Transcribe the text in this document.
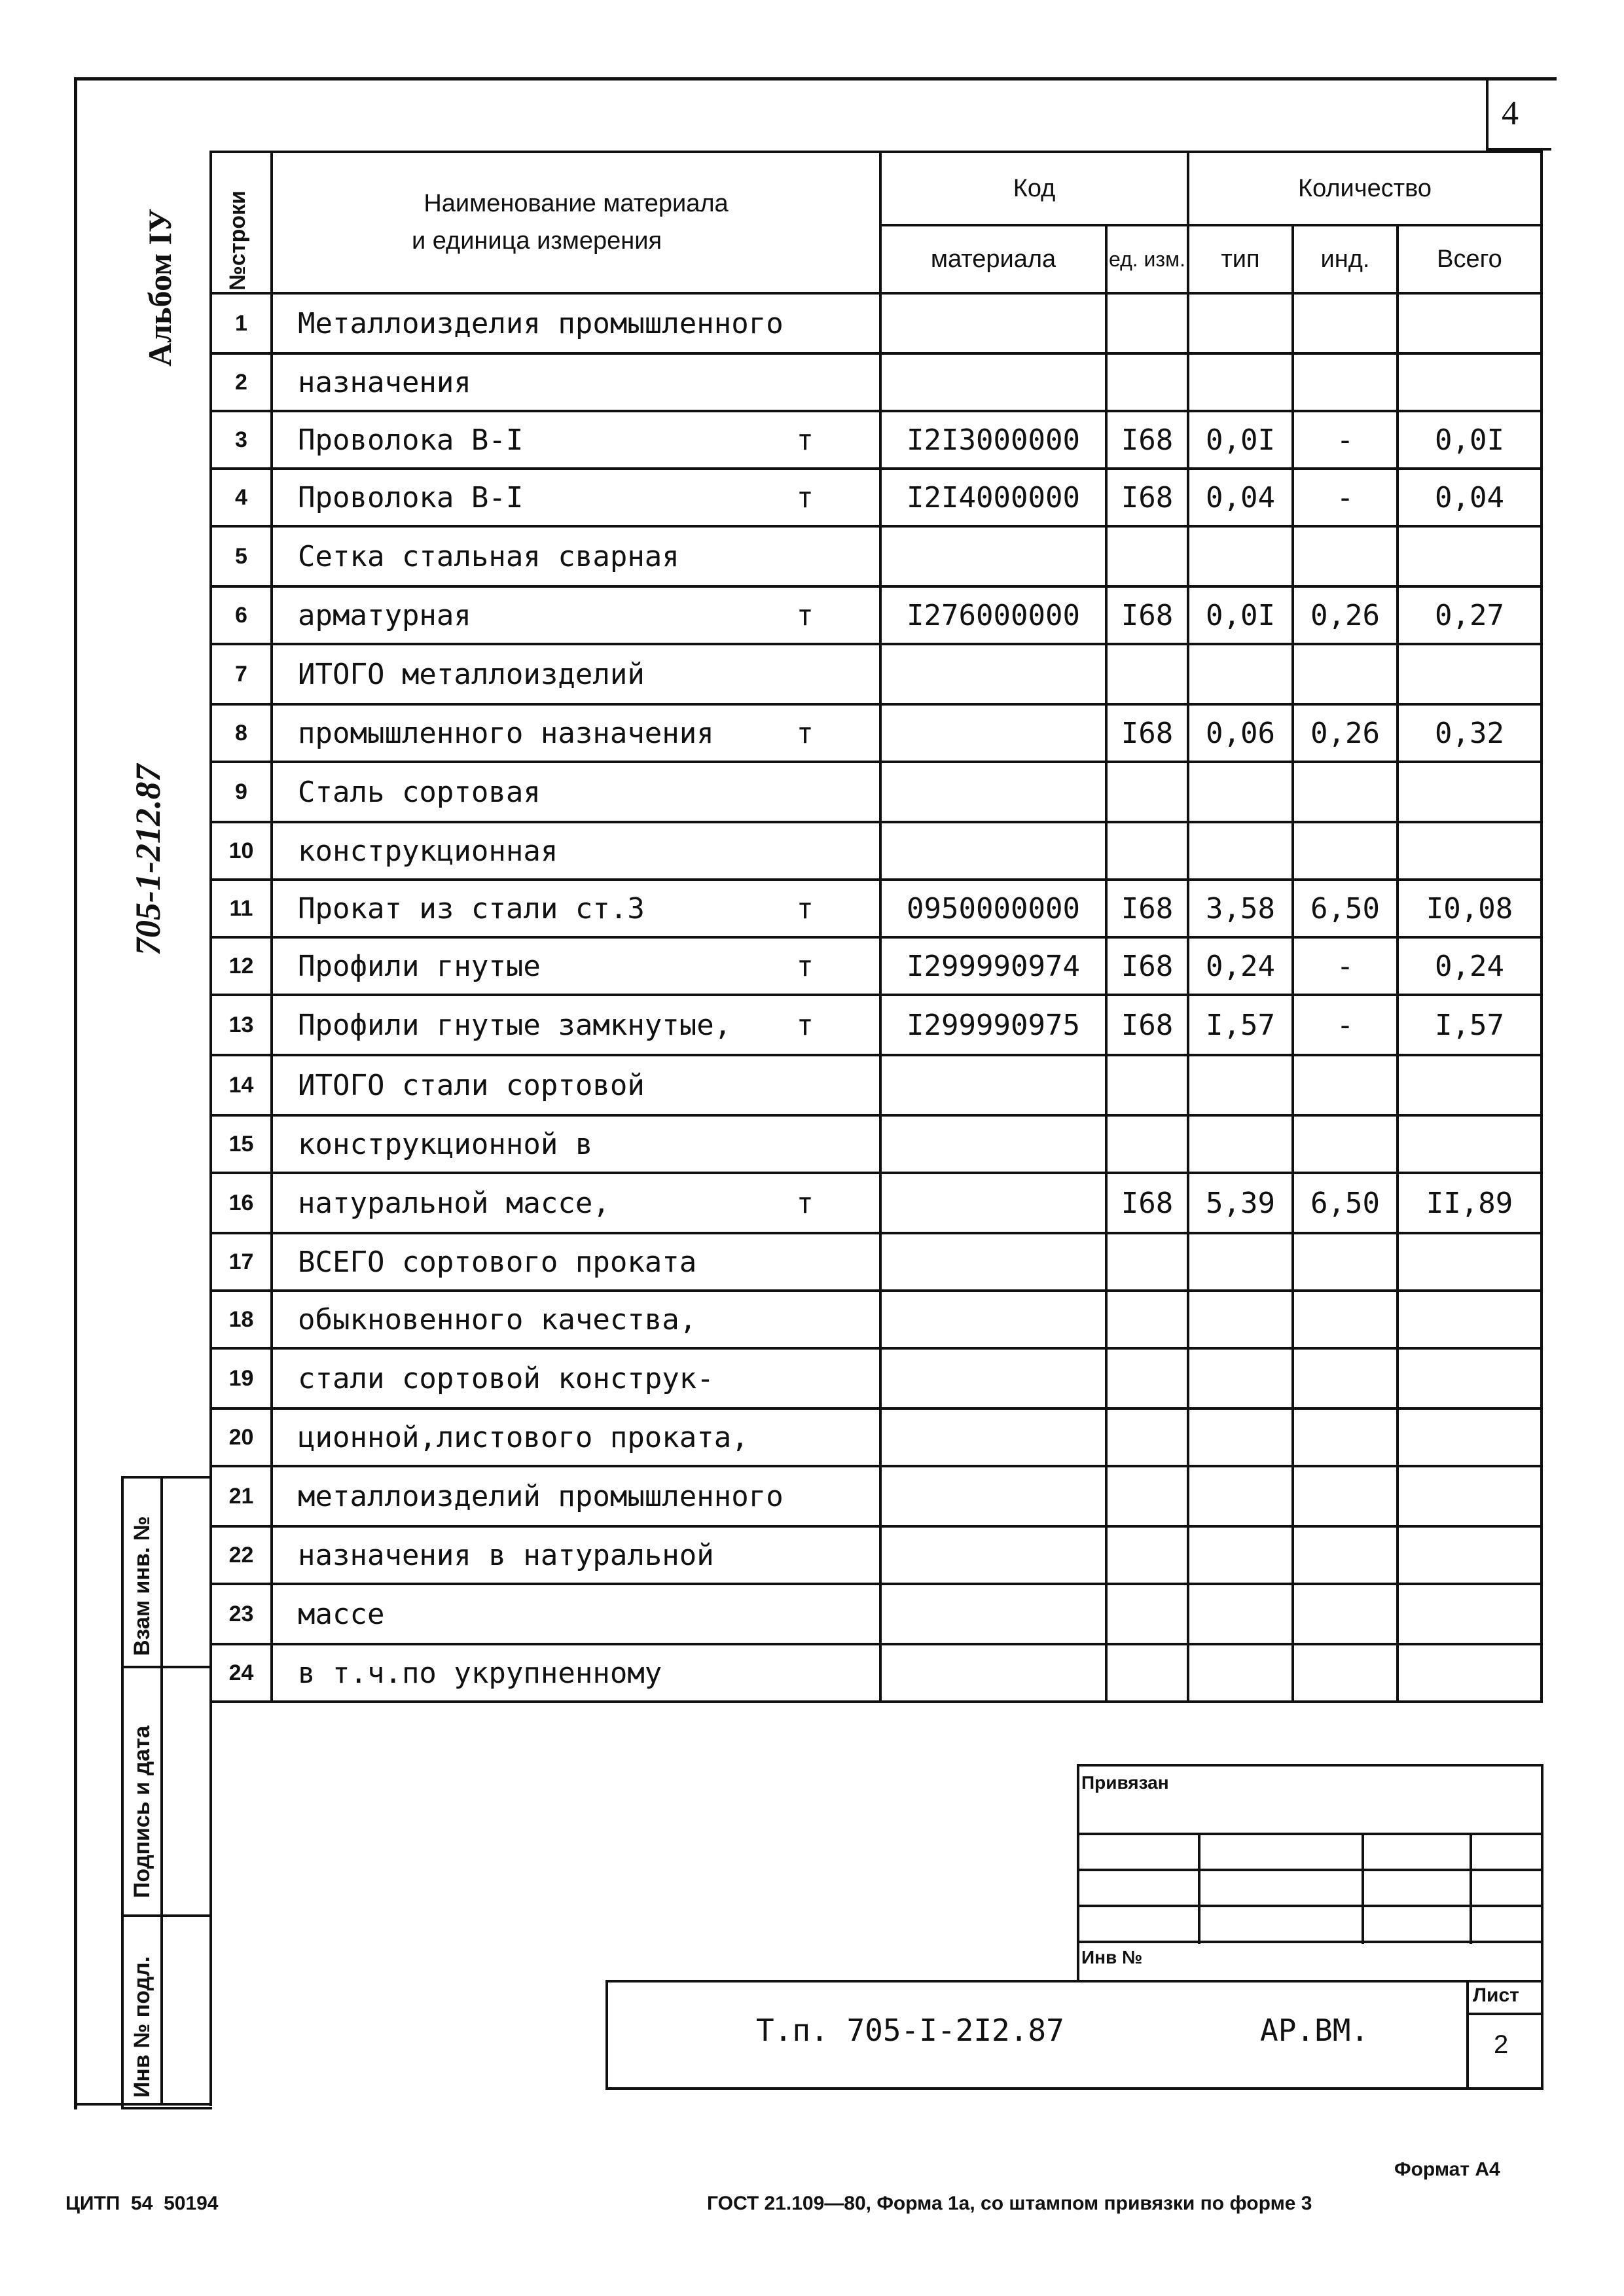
4
Альбом IУ
705-1-212.87
Взам инв. №
Подпись и дата
Инв № подл.
№строки	Наименование материала
и единица измерения	Код		Количество		
		материала	ед. изм.	тип	инд.	Всего
1	Металлоизделия промышленного

2	назначения

3	Проволока В-I т	I2I3000000	I68	0,0I	-	0,0I
4	Проволока В-I т	I2I4000000	I68	0,04	-	0,04
5	Сетка стальная сварная

6	арматурная т	I276000000	I68	0,0I	0,26	0,27
7	ИТОГО металлоизделий

8	промышленного назначения т		I68	0,06	0,26	0,32
9	Сталь сортовая

10	конструкционная

11	Прокат из стали ст.3 т	0950000000	I68	3,58	6,50	I0,08
12	Профили гнутые т	I299990974	I68	0,24	-	0,24
13	Профили гнутые замкнутые, т	I299990975	I68	I,57	-	I,57
14	ИТОГО стали сортовой

15	конструкционной в

16	натуральной массе, т		I68	5,39	6,50	II,89
17	ВСЕГО сортового проката

18	обыкновенного качества,

19	стали сортовой конструк-

20	ционной,листового проката,

21	металлоизделий промышленного

22	назначения в натуральной

23	массе

24	в т.ч.по укрупненному

Привязан
Инв №
Т.п. 705-I-2I2.87	АР.ВМ.
Лист
2
Формат А4
ЦИТП  54  50194	ГОСТ 21.109—80, Форма 1а, со штампом привязки по форме 3
